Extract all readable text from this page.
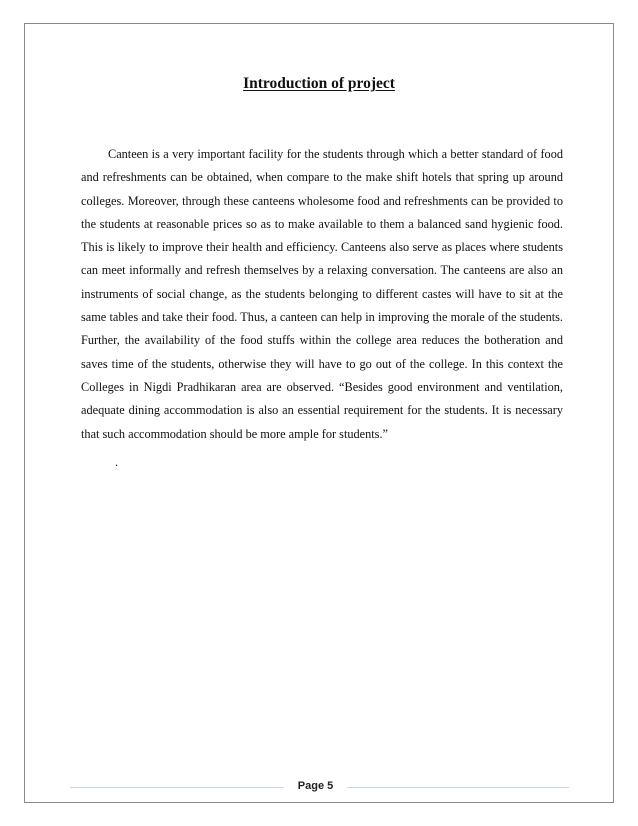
Introduction of project

Canteen is a very important facility for the students through which a better standard of food and refreshments can be obtained, when compare to the make shift hotels that spring up around colleges. Moreover, through these canteens wholesome food and refreshments can be provided to the students at reasonable prices so as to make available to them a balanced sand hygienic food. This is likely to improve their health and efficiency. Canteens also serve as places where students can meet informally and refresh themselves by a relaxing conversation. The canteens are also an instruments of social change, as the students belonging to different castes will have to sit at the same tables and take their food. Thus, a canteen can help in improving the morale of the students. Further, the availability of the food stuffs within the college area reduces the botheration and saves time of the students, otherwise they will have to go out of the college. In this context the Colleges in Nigdi Pradhikaran area are observed. “Besides good environment and ventilation, adequate dining accommodation is also an essential requirement for the students. It is necessary that such accommodation should be more ample for students.”

.
Page 5
